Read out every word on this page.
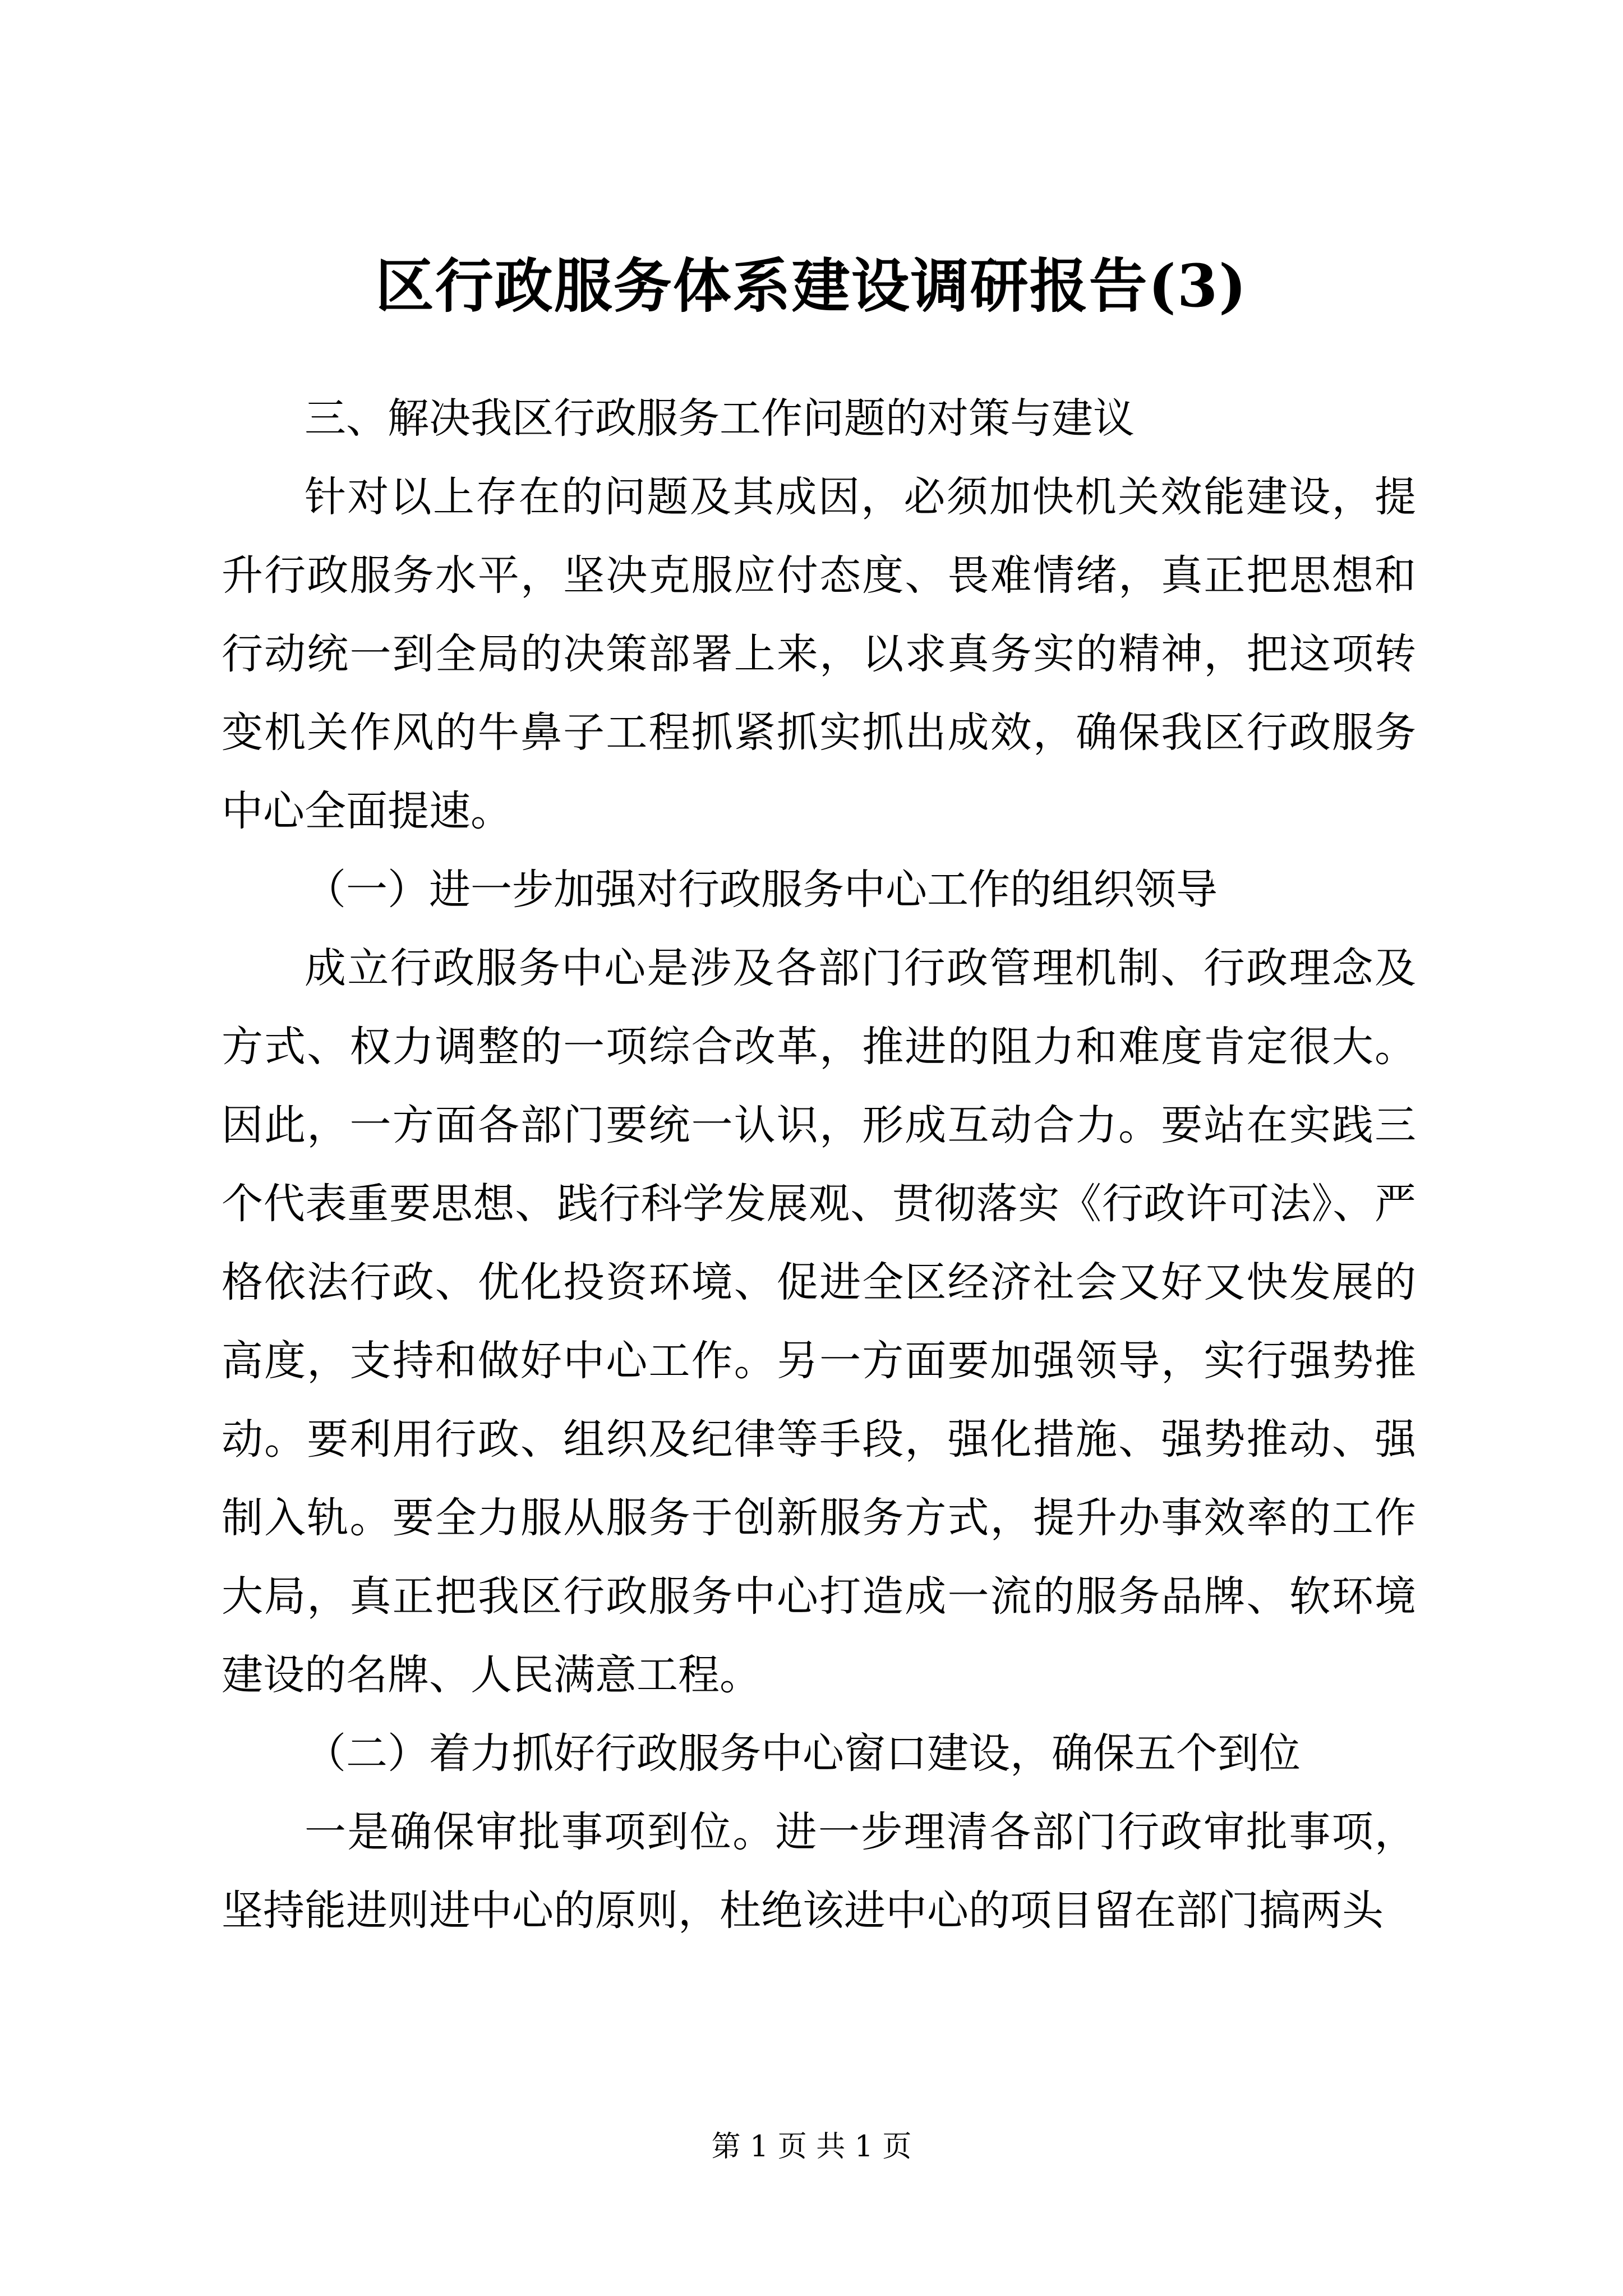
区行政服务体系建设调研报告(3)

三、解决我区行政服务工作问题的对策与建议

针对以上存在的问题及其成因，必须加快机关效能建设，提升行政服务水平，坚决克服应付态度、畏难情绪，真正把思想和行动统一到全局的决策部署上来，以求真务实的精神，把这项转变机关作风的牛鼻子工程抓紧抓实抓出成效，确保我区行政服务中心全面提速。

（一）进一步加强对行政服务中心工作的组织领导

成立行政服务中心是涉及各部门行政管理机制、行政理念及方式、权力调整的一项综合改革，推进的阻力和难度肯定很大。因此，一方面各部门要统一认识，形成互动合力。要站在实践三个代表重要思想、践行科学发展观、贯彻落实《行政许可法》、严格依法行政、优化投资环境、促进全区经济社会又好又快发展的高度，支持和做好中心工作。另一方面要加强领导，实行强势推动。要利用行政、组织及纪律等手段，强化措施、强势推动、强制入轨。要全力服从服务于创新服务方式，提升办事效率的工作大局，真正把我区行政服务中心打造成一流的服务品牌、软环境建设的名牌、人民满意工程。

（二）着力抓好行政服务中心窗口建设，确保五个到位

一是确保审批事项到位。进一步理清各部门行政审批事项，坚持能进则进中心的原则，杜绝该进中心的项目留在部门搞两头

第 1 页 共 1 页
